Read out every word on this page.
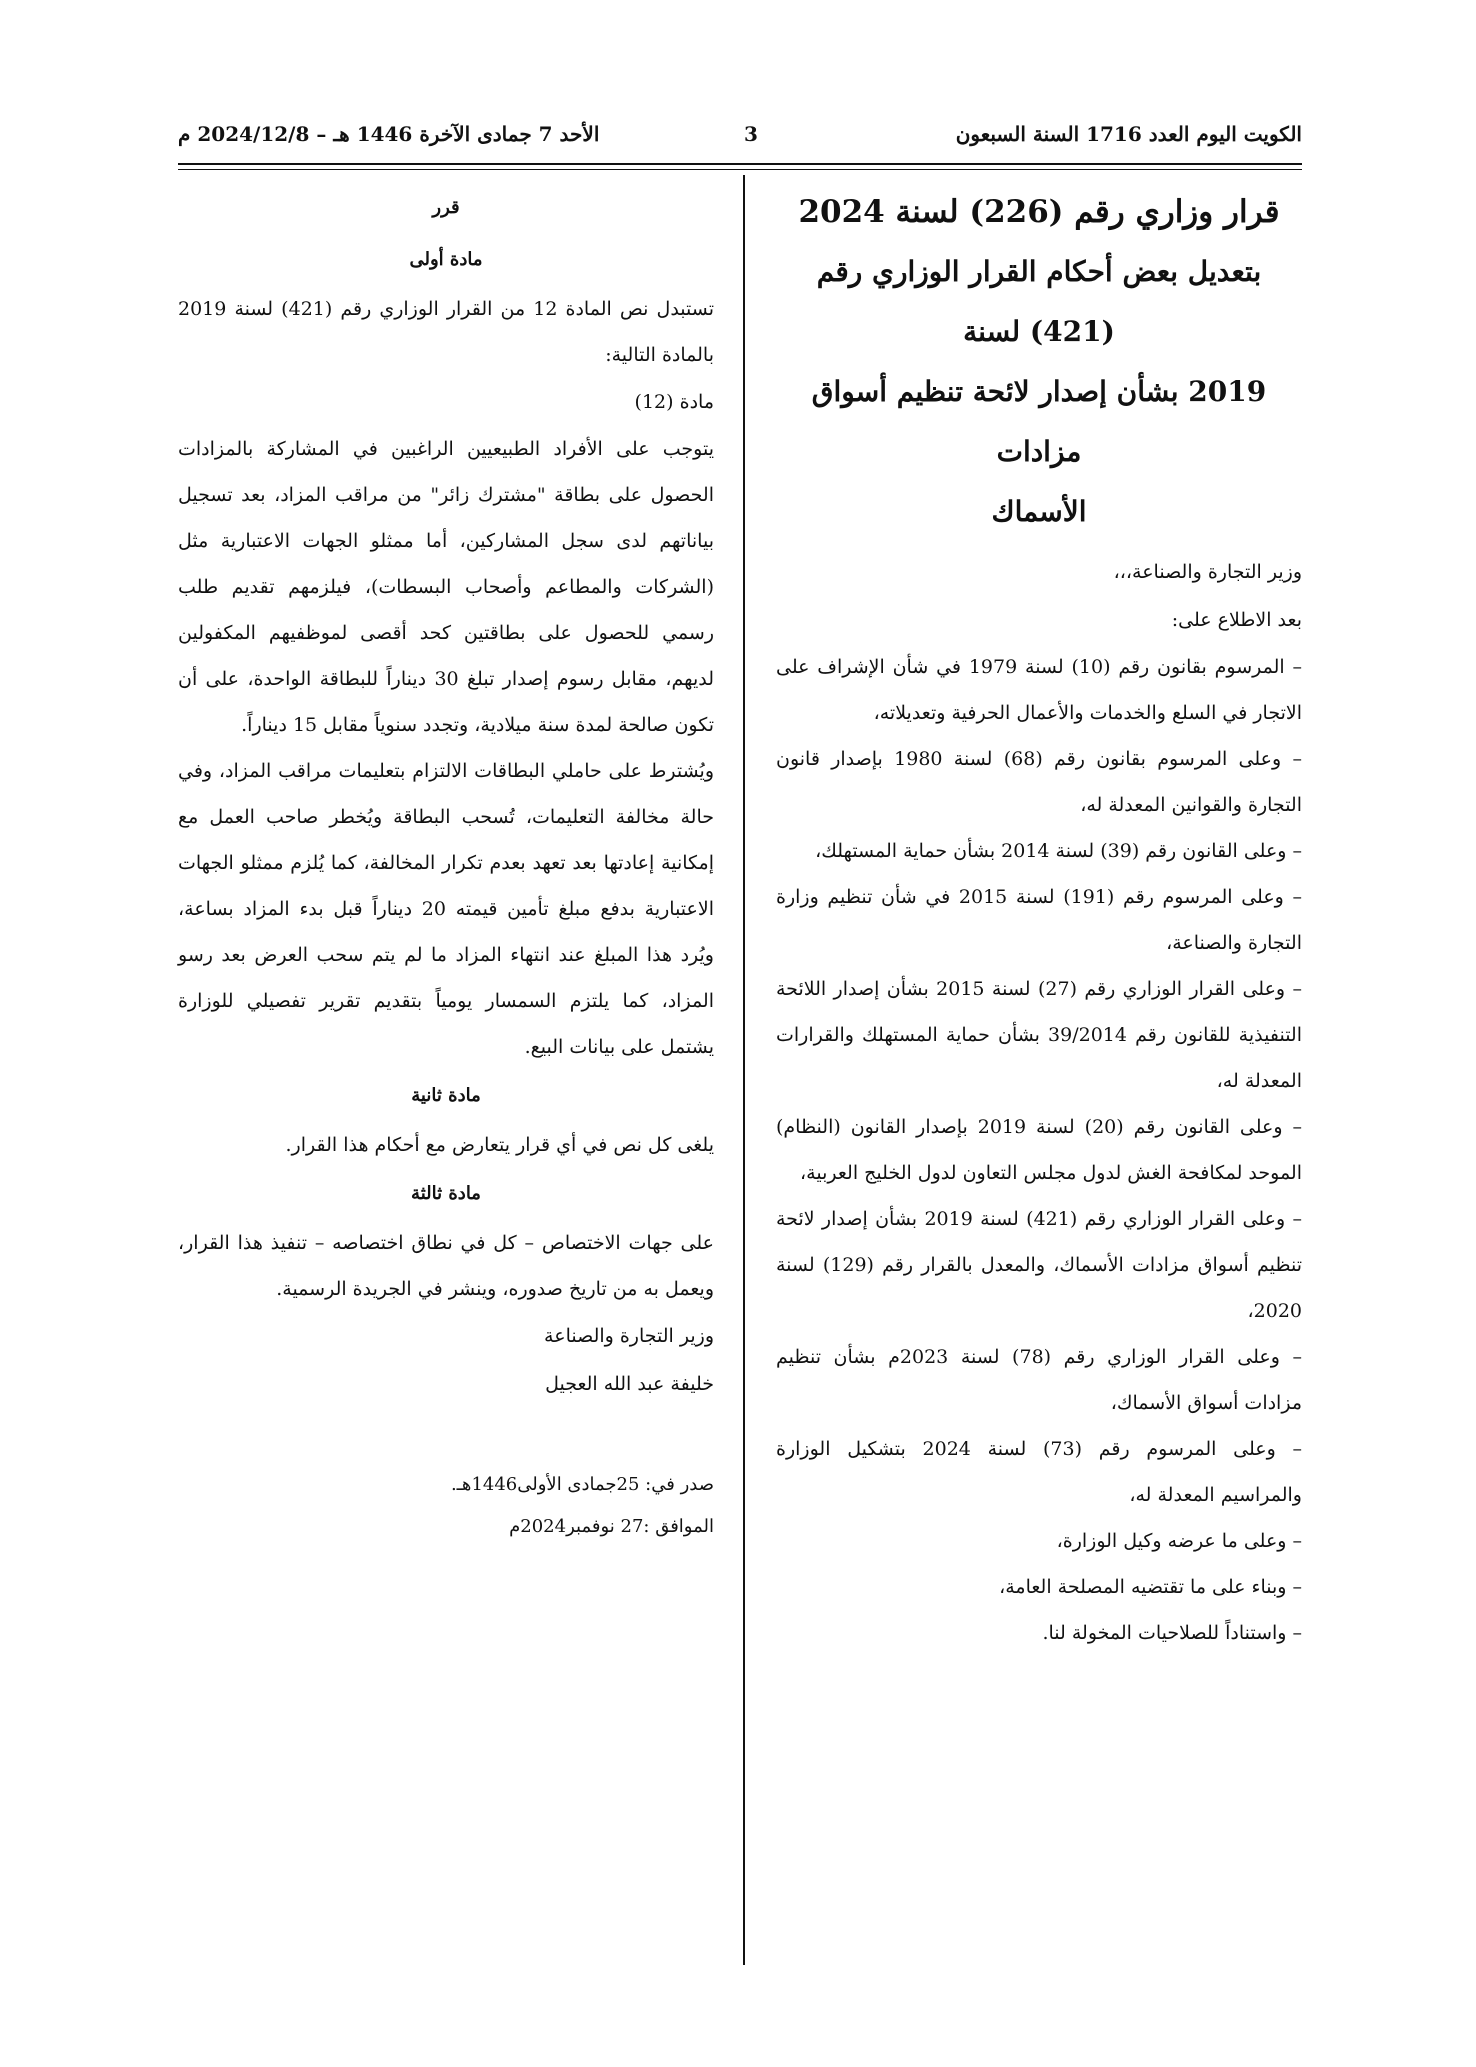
الأحد 7 جمادى الآخرة 1446 هـ – 2024/12/8 م	3	الكويت اليوم العدد 1716 السنة السبعون

قرار وزاري رقم (226) لسنة 2024

بتعديل بعض أحكام القرار الوزاري رقم (421) لسنة

2019 بشأن إصدار لائحة تنظيم أسواق مزادات

الأسماك

وزير التجارة والصناعة،،،

بعد الاطلاع على:

– المرسوم بقانون رقم (10) لسنة 1979 في شأن الإشراف على الاتجار في السلع والخدمات والأعمال الحرفية وتعديلاته،

– وعلى المرسوم بقانون رقم (68) لسنة 1980 بإصدار قانون التجارة والقوانين المعدلة له،

– وعلى القانون رقم (39) لسنة 2014 بشأن حماية المستهلك،

– وعلى المرسوم رقم (191) لسنة 2015 في شأن تنظيم وزارة التجارة والصناعة،

– وعلى القرار الوزاري رقم (27) لسنة 2015 بشأن إصدار اللائحة التنفيذية للقانون رقم 39/2014 بشأن حماية المستهلك والقرارات المعدلة له،

– وعلى القانون رقم (20) لسنة 2019 بإصدار القانون (النظام) الموحد لمكافحة الغش لدول مجلس التعاون لدول الخليج العربية،

– وعلى القرار الوزاري رقم (421) لسنة 2019 بشأن إصدار لائحة تنظيم أسواق مزادات الأسماك، والمعدل بالقرار رقم (129) لسنة 2020،

– وعلى القرار الوزاري رقم (78) لسنة 2023م بشأن تنظيم مزادات أسواق الأسماك،

– وعلى المرسوم رقم (73) لسنة 2024 بتشكيل الوزارة والمراسيم المعدلة له،

– وعلى ما عرضه وكيل الوزارة،

– وبناء على ما تقتضيه المصلحة العامة،

– واستناداً للصلاحيات المخولة لنا.

قرر

مادة أولى

تستبدل نص المادة 12 من القرار الوزاري رقم (421) لسنة 2019 بالمادة التالية:

مادة (12)

يتوجب على الأفراد الطبيعيين الراغبين في المشاركة بالمزادات الحصول على بطاقة "مشترك زائر" من مراقب المزاد، بعد تسجيل بياناتهم لدى سجل المشاركين، أما ممثلو الجهات الاعتبارية مثل (الشركات والمطاعم وأصحاب البسطات)، فيلزمهم تقديم طلب رسمي للحصول على بطاقتين كحد أقصى لموظفيهم المكفولين لديهم، مقابل رسوم إصدار تبلغ 30 ديناراً للبطاقة الواحدة، على أن تكون صالحة لمدة سنة ميلادية، وتجدد سنوياً مقابل 15 ديناراً.

ويُشترط على حاملي البطاقات الالتزام بتعليمات مراقب المزاد، وفي حالة مخالفة التعليمات، تُسحب البطاقة ويُخطر صاحب العمل مع إمكانية إعادتها بعد تعهد بعدم تكرار المخالفة، كما يُلزم ممثلو الجهات الاعتبارية بدفع مبلغ تأمين قيمته 20 ديناراً قبل بدء المزاد بساعة، ويُرد هذا المبلغ عند انتهاء المزاد ما لم يتم سحب العرض بعد رسو المزاد، كما يلتزم السمسار يومياً بتقديم تقرير تفصيلي للوزارة يشتمل على بيانات البيع.

مادة ثانية

يلغى كل نص في أي قرار يتعارض مع أحكام هذا القرار.

مادة ثالثة

على جهات الاختصاص – كل في نطاق اختصاصه – تنفيذ هذا القرار، ويعمل به من تاريخ صدوره، وينشر في الجريدة الرسمية.

وزير التجارة والصناعة

خليفة عبد الله العجيل

صدر في: 25جمادى الأولى1446هـ.

الموافق :27 نوفمبر2024م
